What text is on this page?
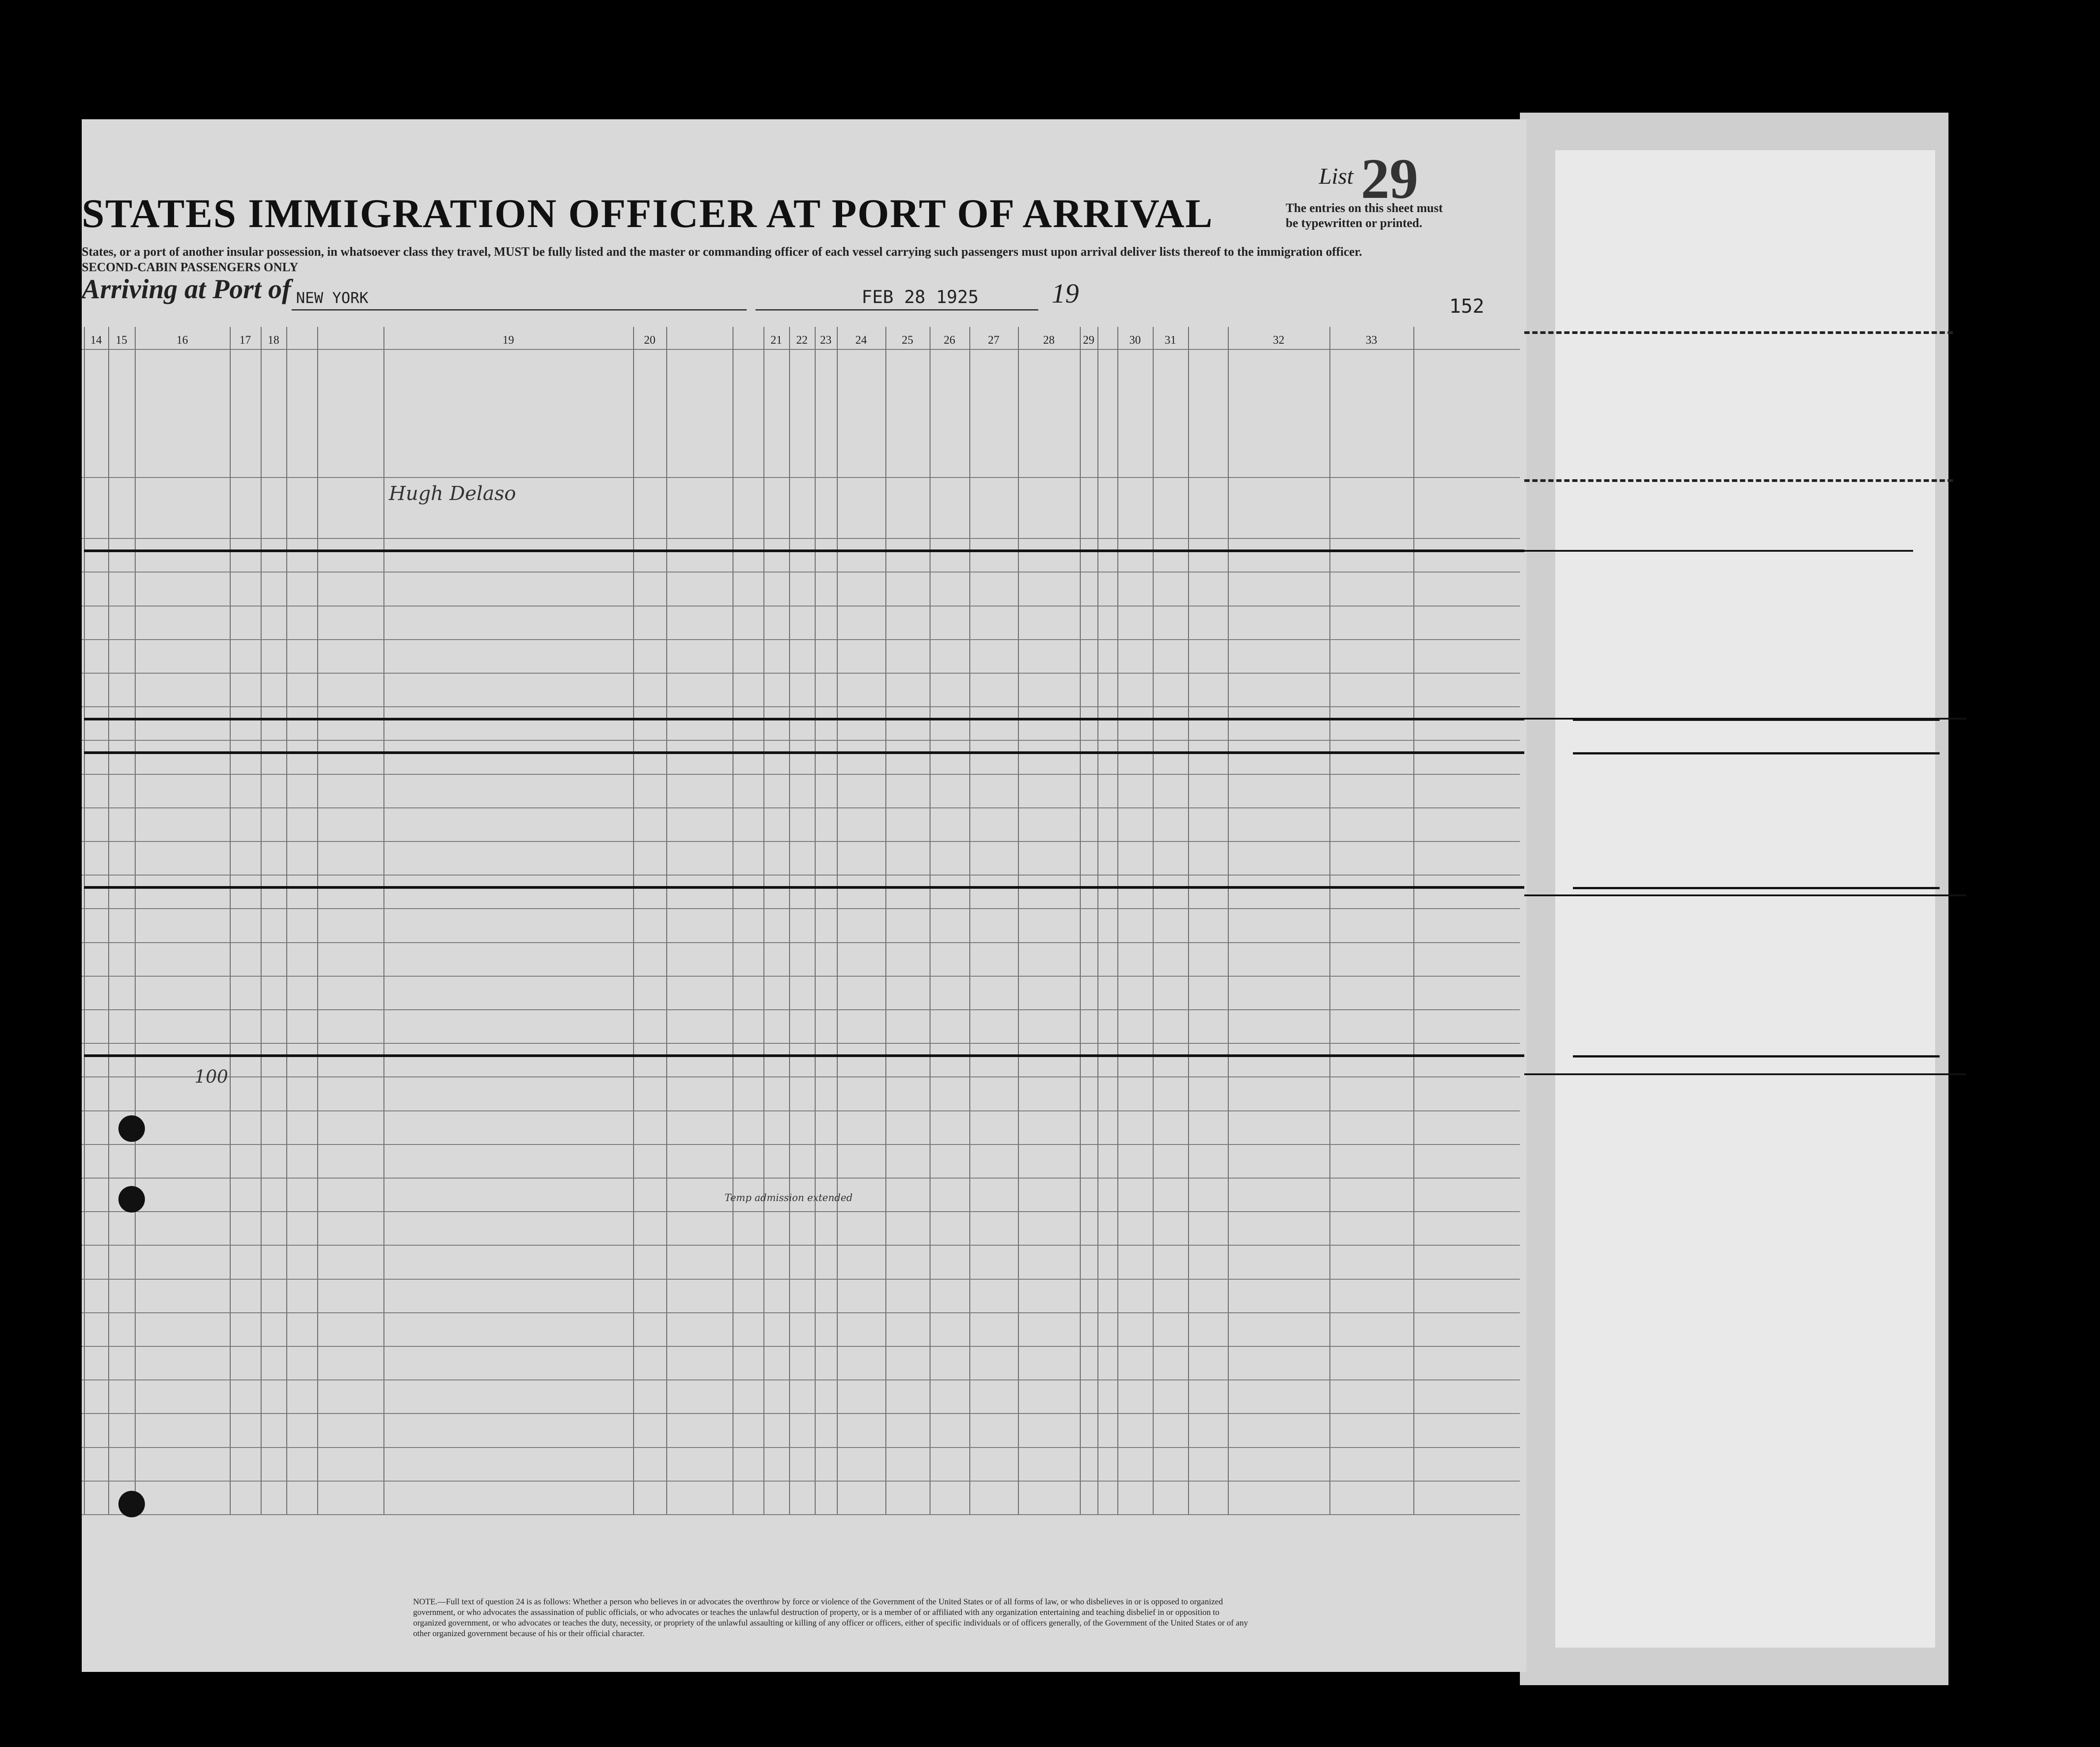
STATES IMMIGRATION OFFICER AT PORT OF ARRIVAL
States, or a port of another insular possession, in whatsoever class they travel, MUST be fully listed and the master or commanding officer of each vessel carrying such passengers must upon arrival deliver lists thereof to the immigration officer.
SECOND-CABIN PASSENGERS ONLY
List 29
The entries on this sheet must
be typewritten or printed.
Arriving at Port of NEW YORK	FEB 28 1925	19	152
Hugh Delaso
100
Temp admission extended
NOTE.—Full text of question 24 is as follows: Whether a person who believes in or advocates the overthrow by force or violence of the Government of the United States or of all forms of law, or who disbelieves in or is opposed to organized government, or who advocates the assassination of public officials, or who advocates or teaches the unlawful destruction of property, or is a member of or affiliated with any organization entertaining and teaching disbelief in or opposition to organized government, or who advocates or teaches the duty, necessity, or propriety of the unlawful assaulting or killing of any officer or officers, either of specific individuals or of officers generally, of the Government of the United States or of any other organized government because of his or their official character.
14	15	16	17	18	19	20	21	22	23	24	25	26	27	28	29	30	31	32	33
